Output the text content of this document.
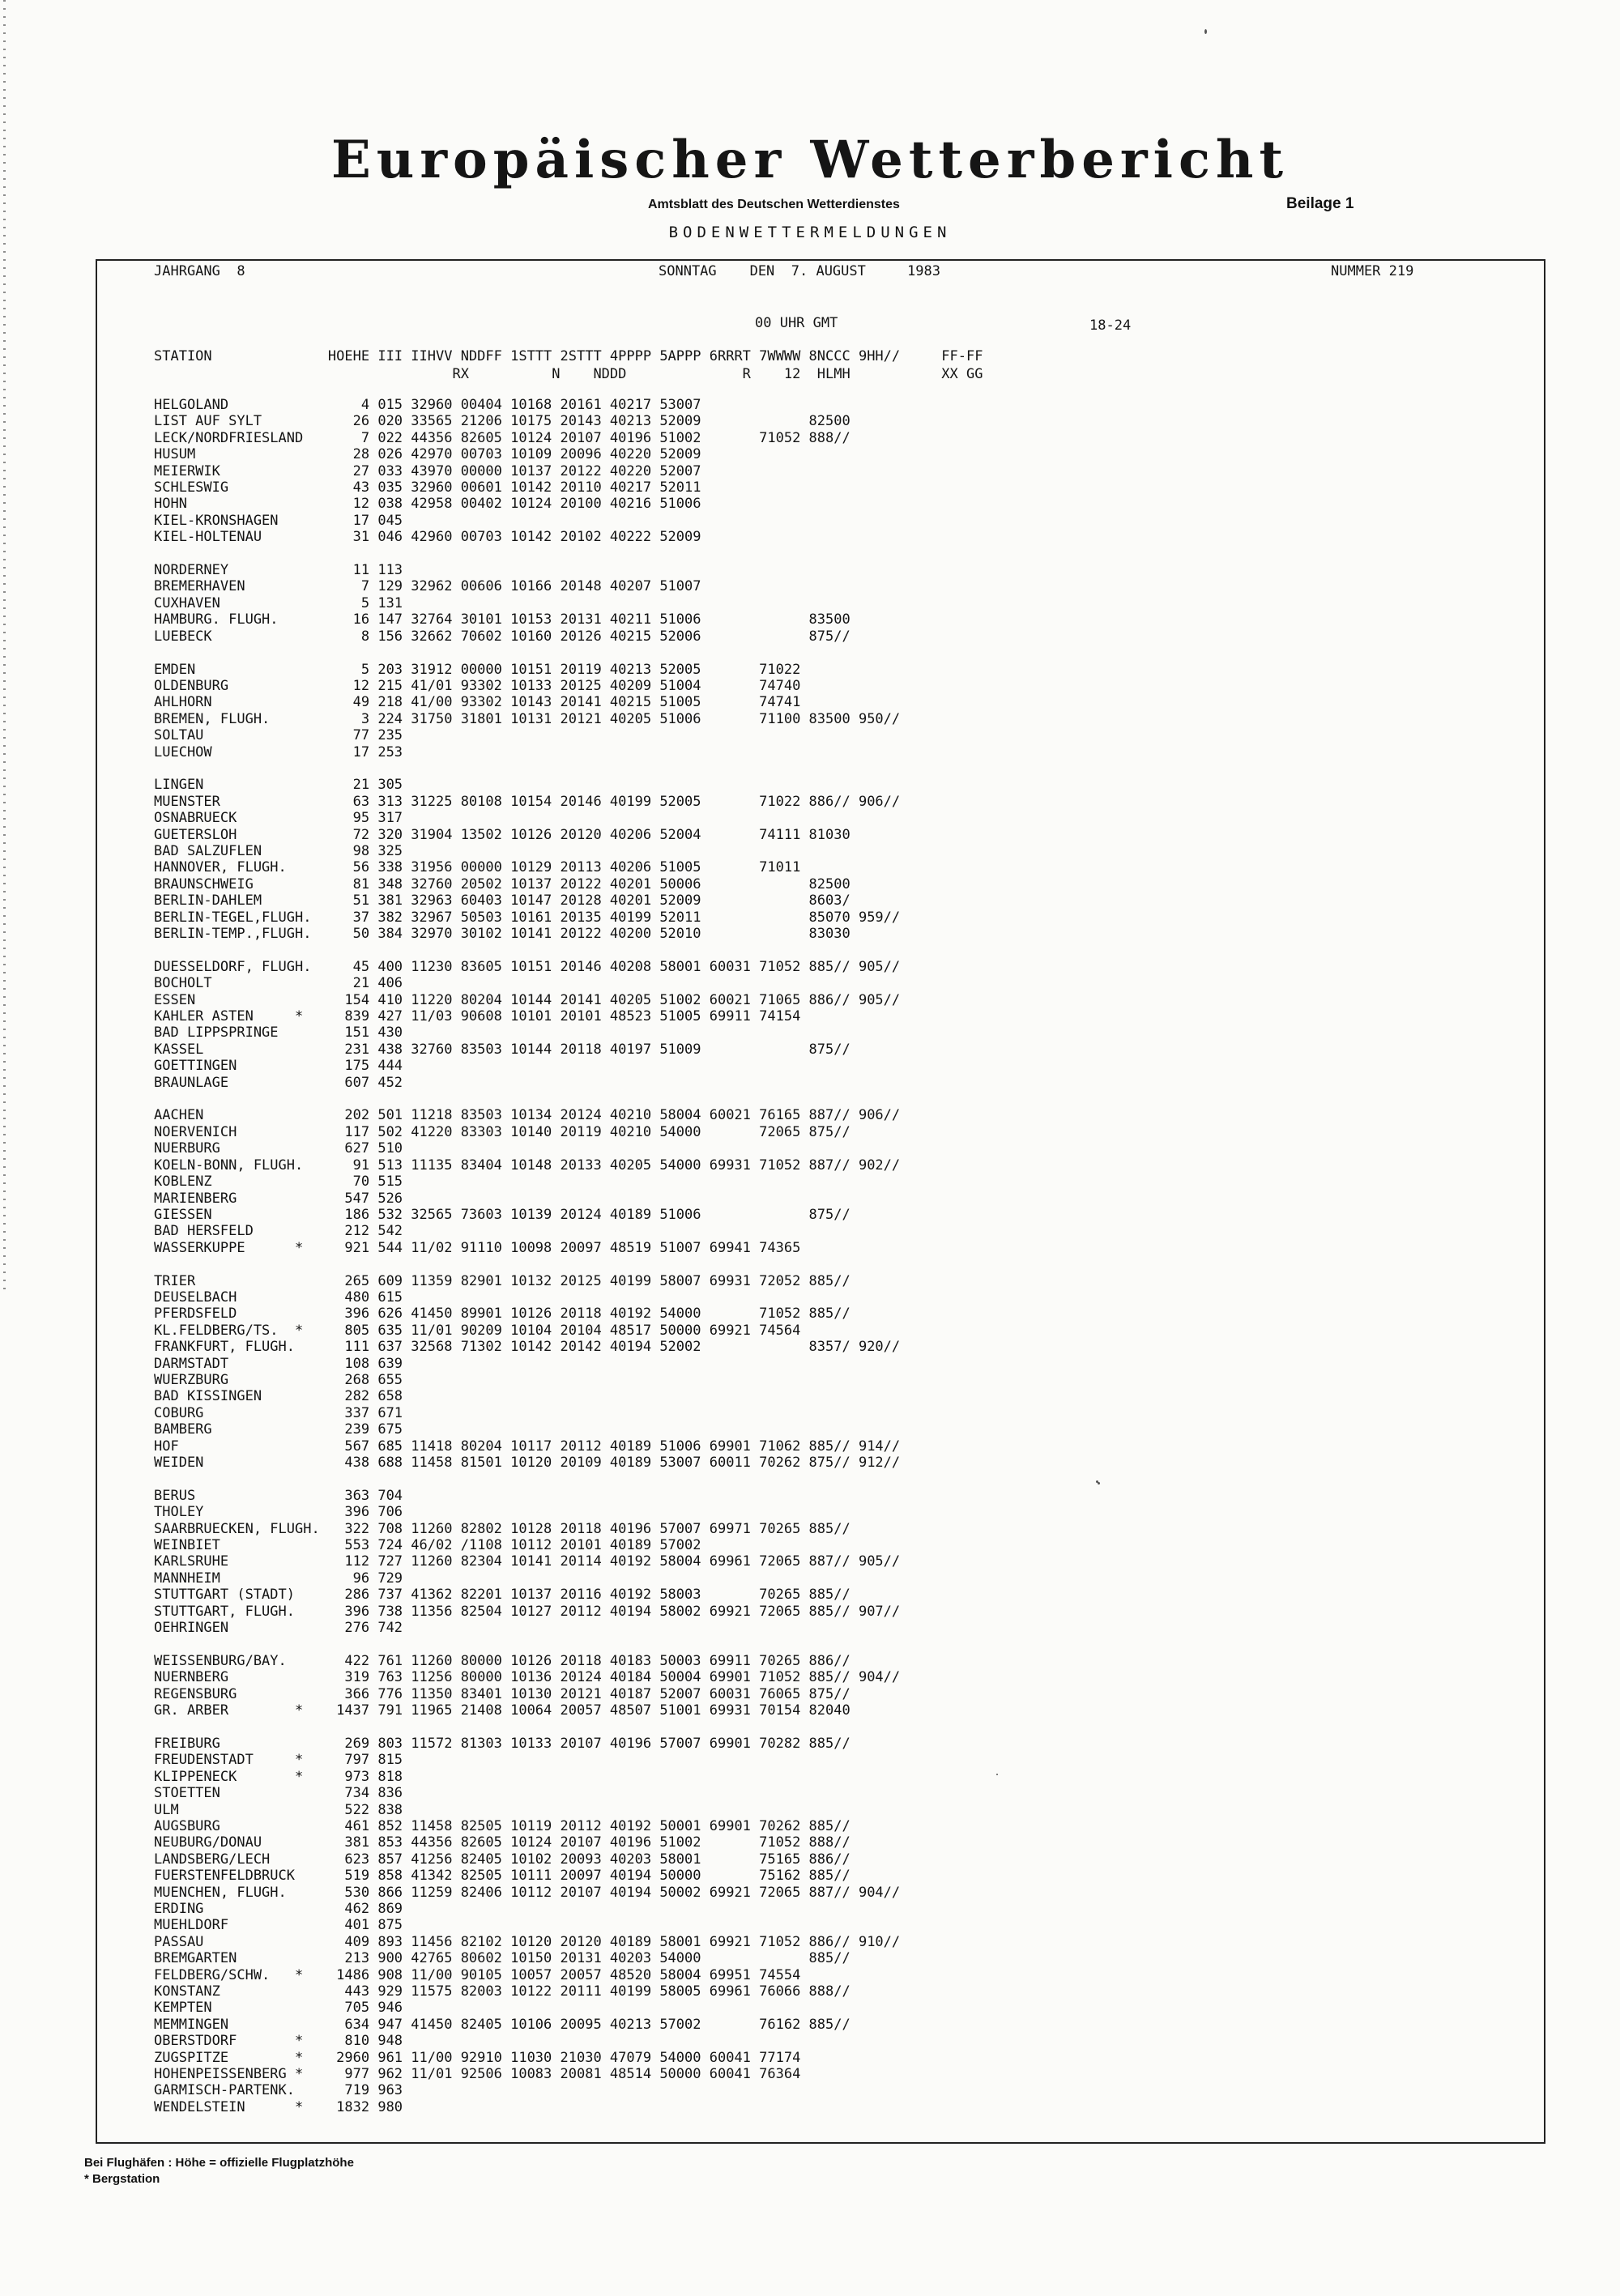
Europäischer Wetterbericht
Amtsblatt des Deutschen Wetterdienstes	Beilage 1
BODENWETTERMELDUNGEN
JAHRGANG  8	SONNTAG    DEN  7. AUGUST     1983	NUMMER 219
00 UHR GMT	18-24
STATION              HOEHE III IIHVV NDDFF 1STTT 2STTT 4PPPP 5APPP 6RRRT 7WWWW 8NCCC 9HH//     FF-FF
RX          N    NDDD              R    12  HLMH           XX GG
HELGOLAND                4 015 32960 00404 10168 20161 40217 53007
LIST AUF SYLT           26 020 33565 21206 10175 20143 40213 52009             82500
LECK/NORDFRIESLAND       7 022 44356 82605 10124 20107 40196 51002       71052 888//
HUSUM                   28 026 42970 00703 10109 20096 40220 52009
MEIERWIK                27 033 43970 00000 10137 20122 40220 52007
SCHLESWIG               43 035 32960 00601 10142 20110 40217 52011
HOHN                    12 038 42958 00402 10124 20100 40216 51006
KIEL-KRONSHAGEN         17 045
KIEL-HOLTENAU           31 046 42960 00703 10142 20102 40222 52009

NORDERNEY               11 113
BREMERHAVEN              7 129 32962 00606 10166 20148 40207 51007
CUXHAVEN                 5 131
HAMBURG. FLUGH.         16 147 32764 30101 10153 20131 40211 51006             83500
LUEBECK                  8 156 32662 70602 10160 20126 40215 52006             875//

EMDEN                    5 203 31912 00000 10151 20119 40213 52005       71022
OLDENBURG               12 215 41/01 93302 10133 20125 40209 51004       74740
AHLHORN                 49 218 41/00 93302 10143 20141 40215 51005       74741
BREMEN, FLUGH.           3 224 31750 31801 10131 20121 40205 51006       71100 83500 950//
SOLTAU                  77 235
LUECHOW                 17 253

LINGEN                  21 305
MUENSTER                63 313 31225 80108 10154 20146 40199 52005       71022 886// 906//
OSNABRUECK              95 317
GUETERSLOH              72 320 31904 13502 10126 20120 40206 52004       74111 81030
BAD SALZUFLEN           98 325
HANNOVER, FLUGH.        56 338 31956 00000 10129 20113 40206 51005       71011
BRAUNSCHWEIG            81 348 32760 20502 10137 20122 40201 50006             82500
BERLIN-DAHLEM           51 381 32963 60403 10147 20128 40201 52009             8603/
BERLIN-TEGEL,FLUGH.     37 382 32967 50503 10161 20135 40199 52011             85070 959//
BERLIN-TEMP.,FLUGH.     50 384 32970 30102 10141 20122 40200 52010             83030

DUESSELDORF, FLUGH.     45 400 11230 83605 10151 20146 40208 58001 60031 71052 885// 905//
BOCHOLT                 21 406
ESSEN                  154 410 11220 80204 10144 20141 40205 51002 60021 71065 886// 905//
KAHLER ASTEN     *     839 427 11/03 90608 10101 20101 48523 51005 69911 74154
BAD LIPPSPRINGE        151 430
KASSEL                 231 438 32760 83503 10144 20118 40197 51009             875//
GOETTINGEN             175 444
BRAUNLAGE              607 452

AACHEN                 202 501 11218 83503 10134 20124 40210 58004 60021 76165 887// 906//
NOERVENICH             117 502 41220 83303 10140 20119 40210 54000       72065 875//
NUERBURG               627 510
KOELN-BONN, FLUGH.      91 513 11135 83404 10148 20133 40205 54000 69931 71052 887// 902//
KOBLENZ                 70 515
MARIENBERG             547 526
GIESSEN                186 532 32565 73603 10139 20124 40189 51006             875//
BAD HERSFELD           212 542
WASSERKUPPE      *     921 544 11/02 91110 10098 20097 48519 51007 69941 74365

TRIER                  265 609 11359 82901 10132 20125 40199 58007 69931 72052 885//
DEUSELBACH             480 615
PFERDSFELD             396 626 41450 89901 10126 20118 40192 54000       71052 885//
KL.FELDBERG/TS.  *     805 635 11/01 90209 10104 20104 48517 50000 69921 74564
FRANKFURT, FLUGH.      111 637 32568 71302 10142 20142 40194 52002             8357/ 920//
DARMSTADT              108 639
WUERZBURG              268 655
BAD KISSINGEN          282 658
COBURG                 337 671
BAMBERG                239 675
HOF                    567 685 11418 80204 10117 20112 40189 51006 69901 71062 885// 914//
WEIDEN                 438 688 11458 81501 10120 20109 40189 53007 60011 70262 875// 912//

BERUS                  363 704
THOLEY                 396 706
SAARBRUECKEN, FLUGH.   322 708 11260 82802 10128 20118 40196 57007 69971 70265 885//
WEINBIET               553 724 46/02 /1108 10112 20101 40189 57002
KARLSRUHE              112 727 11260 82304 10141 20114 40192 58004 69961 72065 887// 905//
MANNHEIM                96 729
STUTTGART (STADT)      286 737 41362 82201 10137 20116 40192 58003       70265 885//
STUTTGART, FLUGH.      396 738 11356 82504 10127 20112 40194 58002 69921 72065 885// 907//
OEHRINGEN              276 742

WEISSENBURG/BAY.       422 761 11260 80000 10126 20118 40183 50003 69911 70265 886//
NUERNBERG              319 763 11256 80000 10136 20124 40184 50004 69901 71052 885// 904//
REGENSBURG             366 776 11350 83401 10130 20121 40187 52007 60031 76065 875//
GR. ARBER        *    1437 791 11965 21408 10064 20057 48507 51001 69931 70154 82040

FREIBURG               269 803 11572 81303 10133 20107 40196 57007 69901 70282 885//
FREUDENSTADT     *     797 815
KLIPPENECK       *     973 818
STOETTEN               734 836
ULM                    522 838
AUGSBURG               461 852 11458 82505 10119 20112 40192 50001 69901 70262 885//
NEUBURG/DONAU          381 853 44356 82605 10124 20107 40196 51002       71052 888//
LANDSBERG/LECH         623 857 41256 82405 10102 20093 40203 58001       75165 886//
FUERSTENFELDBRUCK      519 858 41342 82505 10111 20097 40194 50000       75162 885//
MUENCHEN, FLUGH.       530 866 11259 82406 10112 20107 40194 50002 69921 72065 887// 904//
ERDING                 462 869
MUEHLDORF              401 875
PASSAU                 409 893 11456 82102 10120 20120 40189 58001 69921 71052 886// 910//
BREMGARTEN             213 900 42765 80602 10150 20131 40203 54000             885//
FELDBERG/SCHW.   *    1486 908 11/00 90105 10057 20057 48520 58004 69951 74554
KONSTANZ               443 929 11575 82003 10122 20111 40199 58005 69961 76066 888//
KEMPTEN                705 946
MEMMINGEN              634 947 41450 82405 10106 20095 40213 57002       76162 885//
OBERSTDORF       *     810 948
ZUGSPITZE        *    2960 961 11/00 92910 11030 21030 47079 54000 60041 77174
HOHENPEISSENBERG *     977 962 11/01 92506 10083 20081 48514 50000 60041 76364
GARMISCH-PARTENK.      719 963
WENDELSTEIN      *    1832 980
Bei Flughäfen : Höhe = offizielle Flugplatzhöhe
* Bergstation
